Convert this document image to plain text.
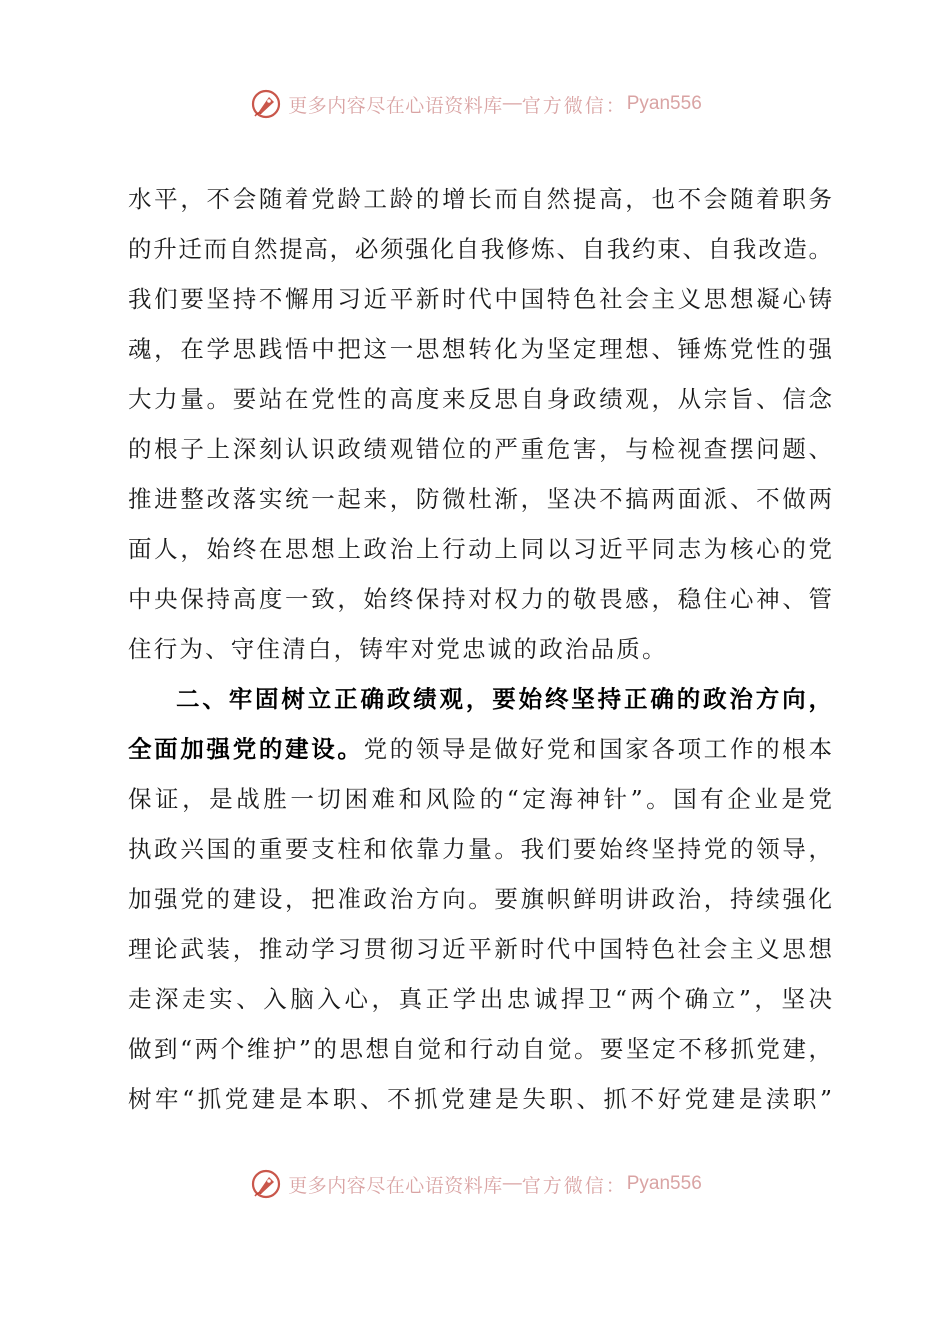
更多内容尽在心语资料库 — 官方微信： Pyan556
水平，不会随着党龄工龄的增长而自然提高，也不会随着职务
的升迁而自然提高，必须强化自我修炼、自我约束、自我改造。
我们要坚持不懈用习近平新时代中国特色社会主义思想凝心铸
魂，在学思践悟中把这一思想转化为坚定理想、锤炼党性的强
大力量。要站在党性的高度来反思自身政绩观，从宗旨、信念
的根子上深刻认识政绩观错位的严重危害，与检视查摆问题、
推进整改落实统一起来，防微杜渐，坚决不搞两面派、不做两
面人，始终在思想上政治上行动上同以习近平同志为核心的党
中央保持高度一致，始终保持对权力的敬畏感，稳住心神、管
住行为、守住清白，铸牢对党忠诚的政治品质。
二、牢固树立正确政绩观，要始终坚持正确的政治方向，
全面加强党的建设。党的领导是做好党和国家各项工作的根本
保证，是战胜一切困难和风险的“定海神针”。国有企业是党
执政兴国的重要支柱和依靠力量。我们要始终坚持党的领导，
加强党的建设，把准政治方向。要旗帜鲜明讲政治，持续强化
理论武装，推动学习贯彻习近平新时代中国特色社会主义思想
走深走实、入脑入心，真正学出忠诚捍卫“两个确立”，坚决
做到“两个维护”的思想自觉和行动自觉。要坚定不移抓党建，
树牢“抓党建是本职、不抓党建是失职、抓不好党建是渎职”
更多内容尽在心语资料库 — 官方微信： Pyan556
